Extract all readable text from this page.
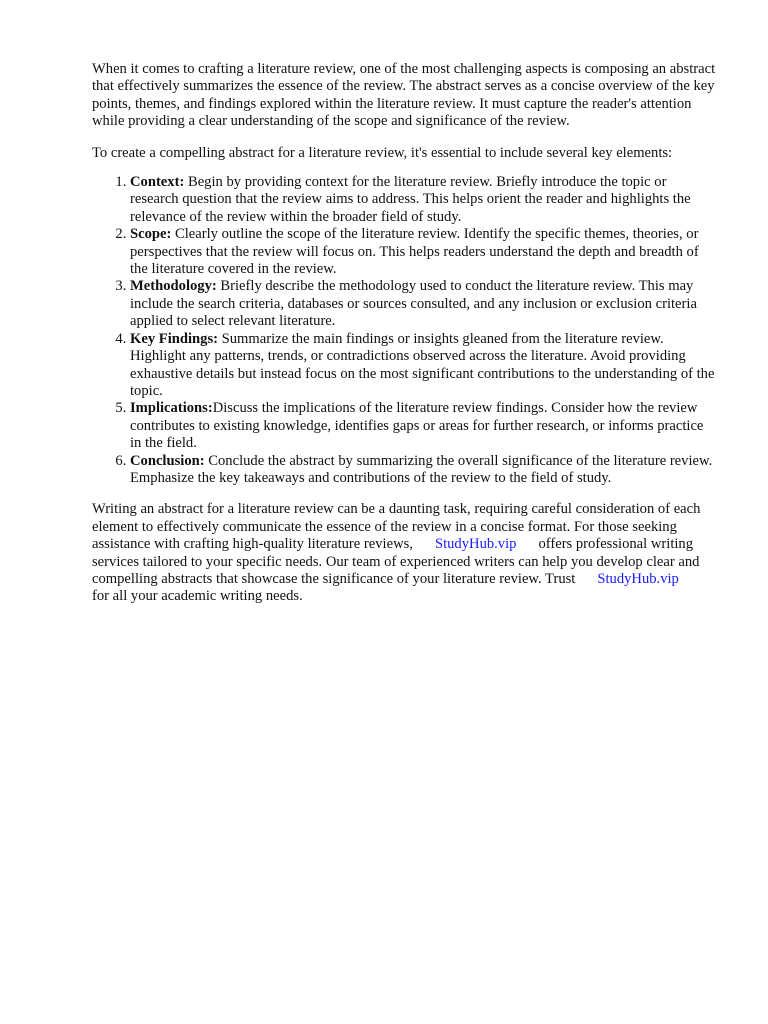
When it comes to crafting a literature review, one of the most challenging aspects is composing an abstract that effectively summarizes the essence of the review. The abstract serves as a concise overview of the key points, themes, and findings explored within the literature review. It must capture the reader's attention while providing a clear understanding of the scope and significance of the review.

To create a compelling abstract for a literature review, it's essential to include several key elements:

1. Context: Begin by providing context for the literature review. Briefly introduce the topic or research question that the review aims to address. This helps orient the reader and highlights the relevance of the review within the broader field of study.
2. Scope: Clearly outline the scope of the literature review. Identify the specific themes, theories, or perspectives that the review will focus on. This helps readers understand the depth and breadth of the literature covered in the review.
3. Methodology: Briefly describe the methodology used to conduct the literature review. This may include the search criteria, databases or sources consulted, and any inclusion or exclusion criteria applied to select relevant literature.
4. Key Findings: Summarize the main findings or insights gleaned from the literature review. Highlight any patterns, trends, or contradictions observed across the literature. Avoid providing exhaustive details but instead focus on the most significant contributions to the understanding of the topic.
5. Implications:Discuss the implications of the literature review findings. Consider how the review contributes to existing knowledge, identifies gaps or areas for further research, or informs practice in the field.
6. Conclusion: Conclude the abstract by summarizing the overall significance of the literature review. Emphasize the key takeaways and contributions of the review to the field of study.

Writing an abstract for a literature review can be a daunting task, requiring careful consideration of each element to effectively communicate the essence of the review in a concise format. For those seeking assistance with crafting high-quality literature reviews, StudyHub.vip offers professional writing services tailored to your specific needs. Our team of experienced writers can help you develop clear and compelling abstracts that showcase the significance of your literature review. Trust StudyHub.vipfor all your academic writing needs.
